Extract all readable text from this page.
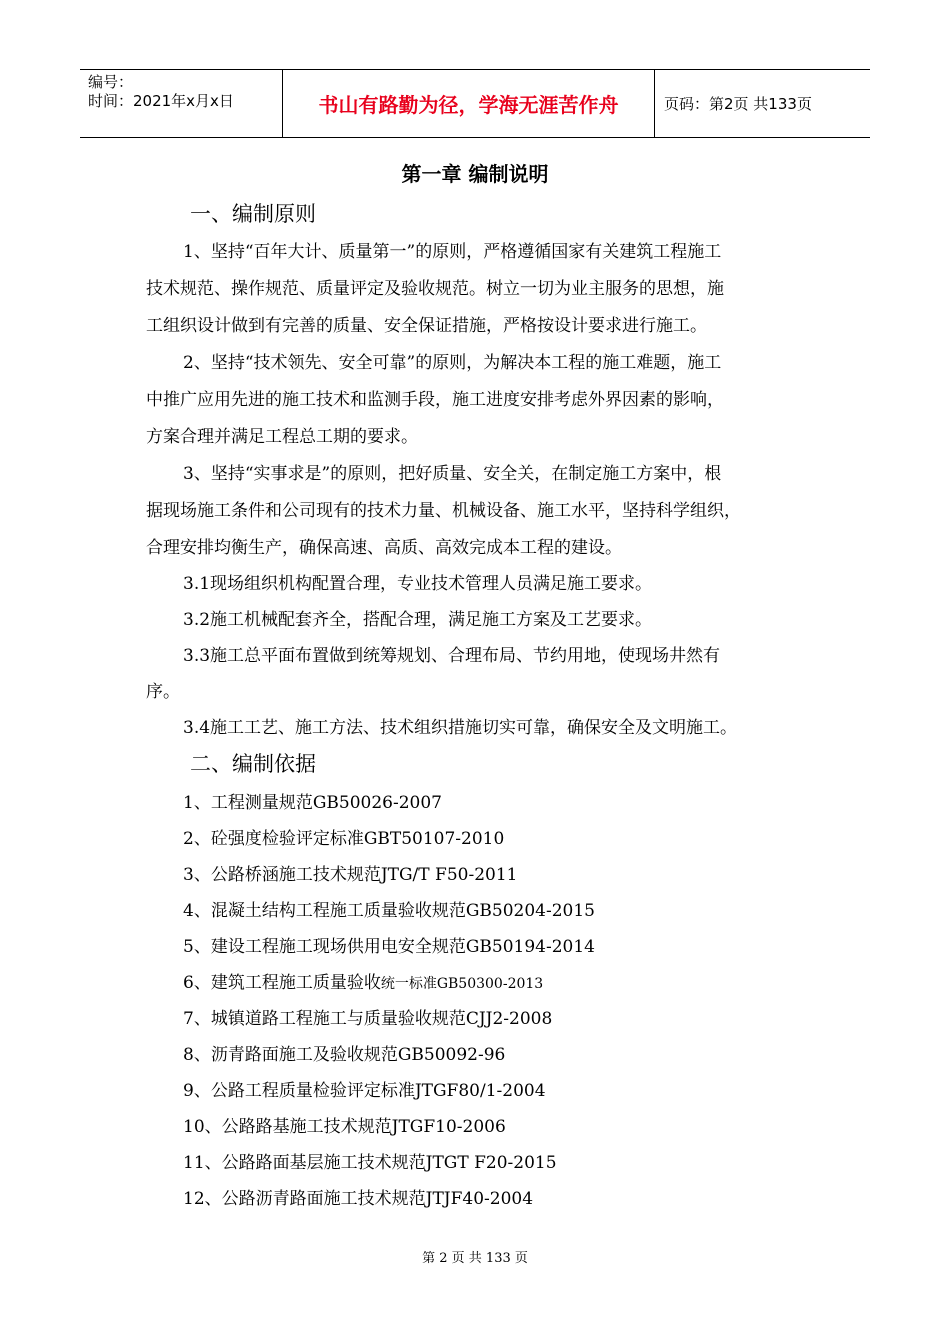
编号：
时间：2021年x月x日	书山有路勤为径，学海无涯苦作舟	页码：第2页 共133页
第一章 编制说明
一、编制原则
1、坚持“百年大计、质量第一”的原则，严格遵循国家有关建筑工程施工
技术规范、操作规范、质量评定及验收规范。树立一切为业主服务的思想，施
工组织设计做到有完善的质量、安全保证措施，严格按设计要求进行施工。
2、坚持“技术领先、安全可靠”的原则，为解决本工程的施工难题，施工
中推广应用先进的施工技术和监测手段，施工进度安排考虑外界因素的影响，
方案合理并满足工程总工期的要求。
3、坚持“实事求是”的原则，把好质量、安全关，在制定施工方案中，根
据现场施工条件和公司现有的技术力量、机械设备、施工水平，坚持科学组织，
合理安排均衡生产，确保高速、高质、高效完成本工程的建设。
3.1现场组织机构配置合理，专业技术管理人员满足施工要求。
3.2施工机械配套齐全，搭配合理，满足施工方案及工艺要求。
3.3施工总平面布置做到统筹规划、合理布局、节约用地，使现场井然有
序。
3.4施工工艺、施工方法、技术组织措施切实可靠，确保安全及文明施工。
二、编制依据
1、工程测量规范GB50026-2007
2、砼强度检验评定标准GBT50107-2010
3、公路桥涵施工技术规范JTG/T F50-2011
4、混凝土结构工程施工质量验收规范GB50204-2015
5、建设工程施工现场供用电安全规范GB50194-2014
6、建筑工程施工质量验收统一标准GB50300-2013
7、城镇道路工程施工与质量验收规范CJJ2-2008
8、沥青路面施工及验收规范GB50092-96
9、公路工程质量检验评定标准JTGF80/1-2004
10、公路路基施工技术规范JTGF10-2006
11、公路路面基层施工技术规范JTGT F20-2015
12、公路沥青路面施工技术规范JTJF40-2004
第 2 页 共 133 页
